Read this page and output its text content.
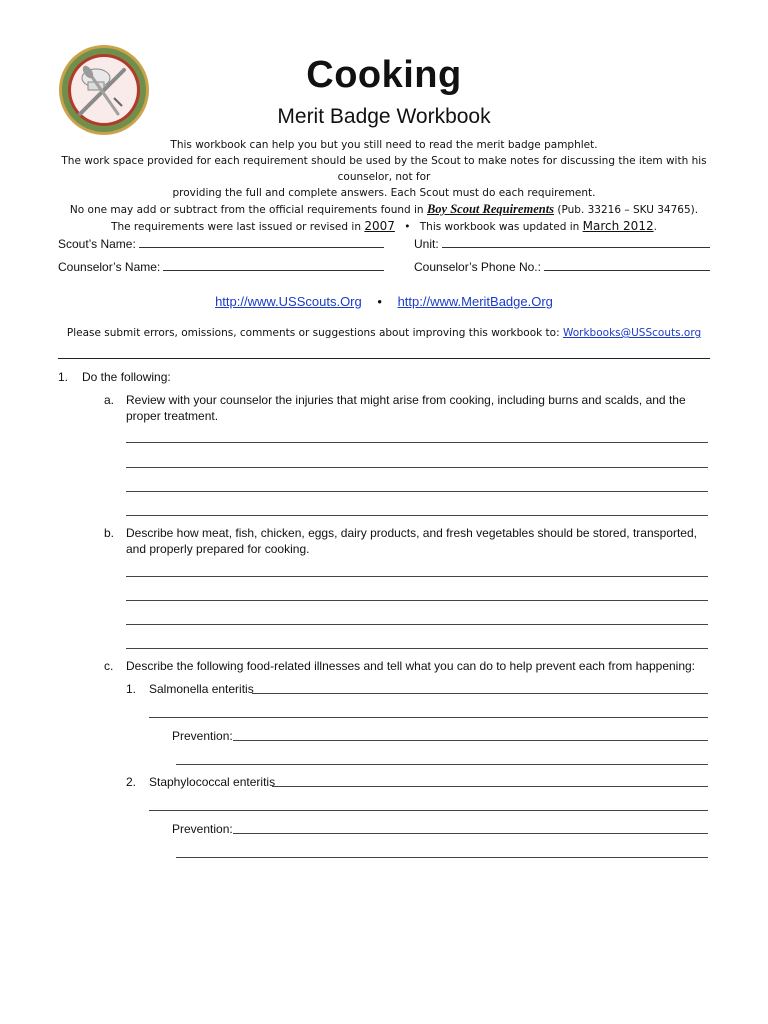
Cooking
Merit Badge Workbook

This workbook can help you but you still need to read the merit badge pamphlet.

The work space provided for each requirement should be used by the Scout to make notes for discussing the item with his counselor, not for

providing the full and complete answers. Each Scout must do each requirement.

No one may add or subtract from the official requirements found in Boy Scout Requirements (Pub. 33216 – SKU 34765).

The requirements were last issued or revised in 2007 • This workbook was updated in March 2012.

Scout’s Name:	Unit:
Counselor’s Name:	Counselor’s Phone No.:
http://www.USScouts.Org • http://www.MeritBadge.Org
Please submit errors, omissions, comments or suggestions about improving this workbook to: Workbooks@USScouts.org
1. Do the following:
a. Review with your counselor the injuries that might arise from cooking, including burns and scalds, and the proper treatment.
b. Describe how meat, fish, chicken, eggs, dairy products, and fresh vegetables should be stored, transported, and properly prepared for cooking.
c. Describe the following food-related illnesses and tell what you can do to help prevent each from happening:
1. Salmonella enteritis
Prevention:
2. Staphylococcal enteritis
Prevention:
